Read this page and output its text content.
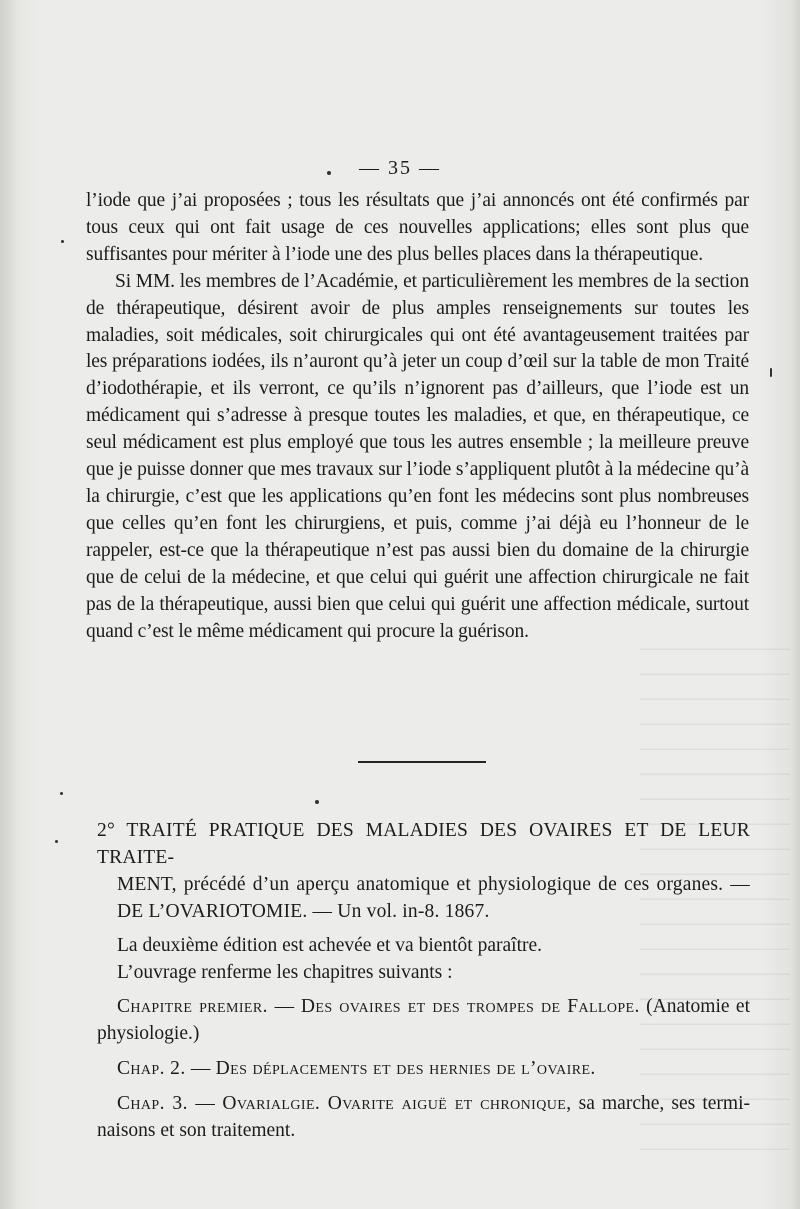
— 35 —

l’iode que j’ai proposées ; tous les résultats que j’ai annoncés ont été confirmés par tous ceux qui ont fait usage de ces nouvelles applications; elles sont plus que suffisantes pour mériter à l’iode une des plus belles places dans la thérapeutique.

Si MM. les membres de l’Académie, et particulièrement les membres de la section de thérapeutique, désirent avoir de plus amples renseignements sur toutes les maladies, soit médicales, soit chirurgicales qui ont été avantageusement traitées par les préparations iodées, ils n’auront qu’à jeter un coup d’œil sur la table de mon Traité d’iodothérapie, et ils verront, ce qu’ils n’ignorent pas d’ailleurs, que l’iode est un médicament qui s’adresse à presque toutes les maladies, et que, en thérapeutique, ce seul médicament est plus employé que tous les autres ensemble ; la meilleure preuve que je puisse donner que mes travaux sur l’iode s’appliquent plutôt à la médecine qu’à la chirurgie, c’est que les applications qu’en font les médecins sont plus nombreuses que celles qu’en font les chirurgiens, et puis, comme j’ai déjà eu l’honneur de le rappeler, est-ce que la thérapeutique n’est pas aussi bien du domaine de la chirurgie que de celui de la médecine, et que celui qui guérit une affection chirurgicale ne fait pas de la thérapeutique, aussi bien que celui qui guérit une affection médicale, surtout quand c’est le même médicament qui procure la guérison.

2° TRAITÉ PRATIQUE DES MALADIES DES OVAIRES ET DE LEUR TRAITE-
MENT, précédé d’un aperçu anatomique et physiologique de ces organes. — DE L’OVARIOTOMIE. — Un vol. in-8. 1867.

La deuxième édition est achevée et va bientôt paraître.

L’ouvrage renferme les chapitres suivants :

Chapitre premier. — Des ovaires et des trompes de Fallope. (Anatomie et physiologie.)

Chap. 2. — Des déplacements et des hernies de l’ovaire.

Chap. 3. — Ovarialgie. Ovarite aiguë et chronique, sa marche, ses terminaisons et son traitement.
